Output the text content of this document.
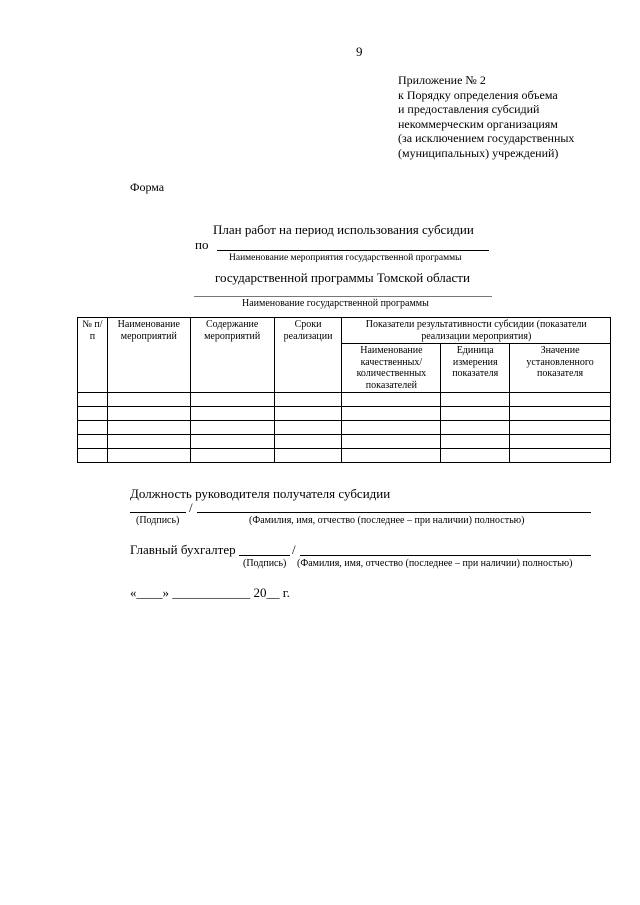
9
Приложение № 2
к Порядку определения объема
и предоставления субсидий
некоммерческим организациям
(за исключением государственных
(муниципальных) учреждений)
Форма
План работ на период использования субсидии
по
Наименование мероприятия государственной программы
государственной программы Томской области
Наименование государственной программы
№ п/п	Наименование мероприятий	Содержание мероприятий	Сроки реализации	Показатели результативности субсидии (показатели реализации мероприятия)		
				Наименование качественных/ количественных показателей	Единица измерения показателя	Значение установленного показателя

Должность руководителя получателя субсидии
/
(Подпись)	(Фамилия, имя, отчество (последнее – при наличии) полностью)
Главный бухгалтер	/
(Подпись) (Фамилия, имя, отчество (последнее – при наличии) полностью)
«____» ____________ 20__ г.
